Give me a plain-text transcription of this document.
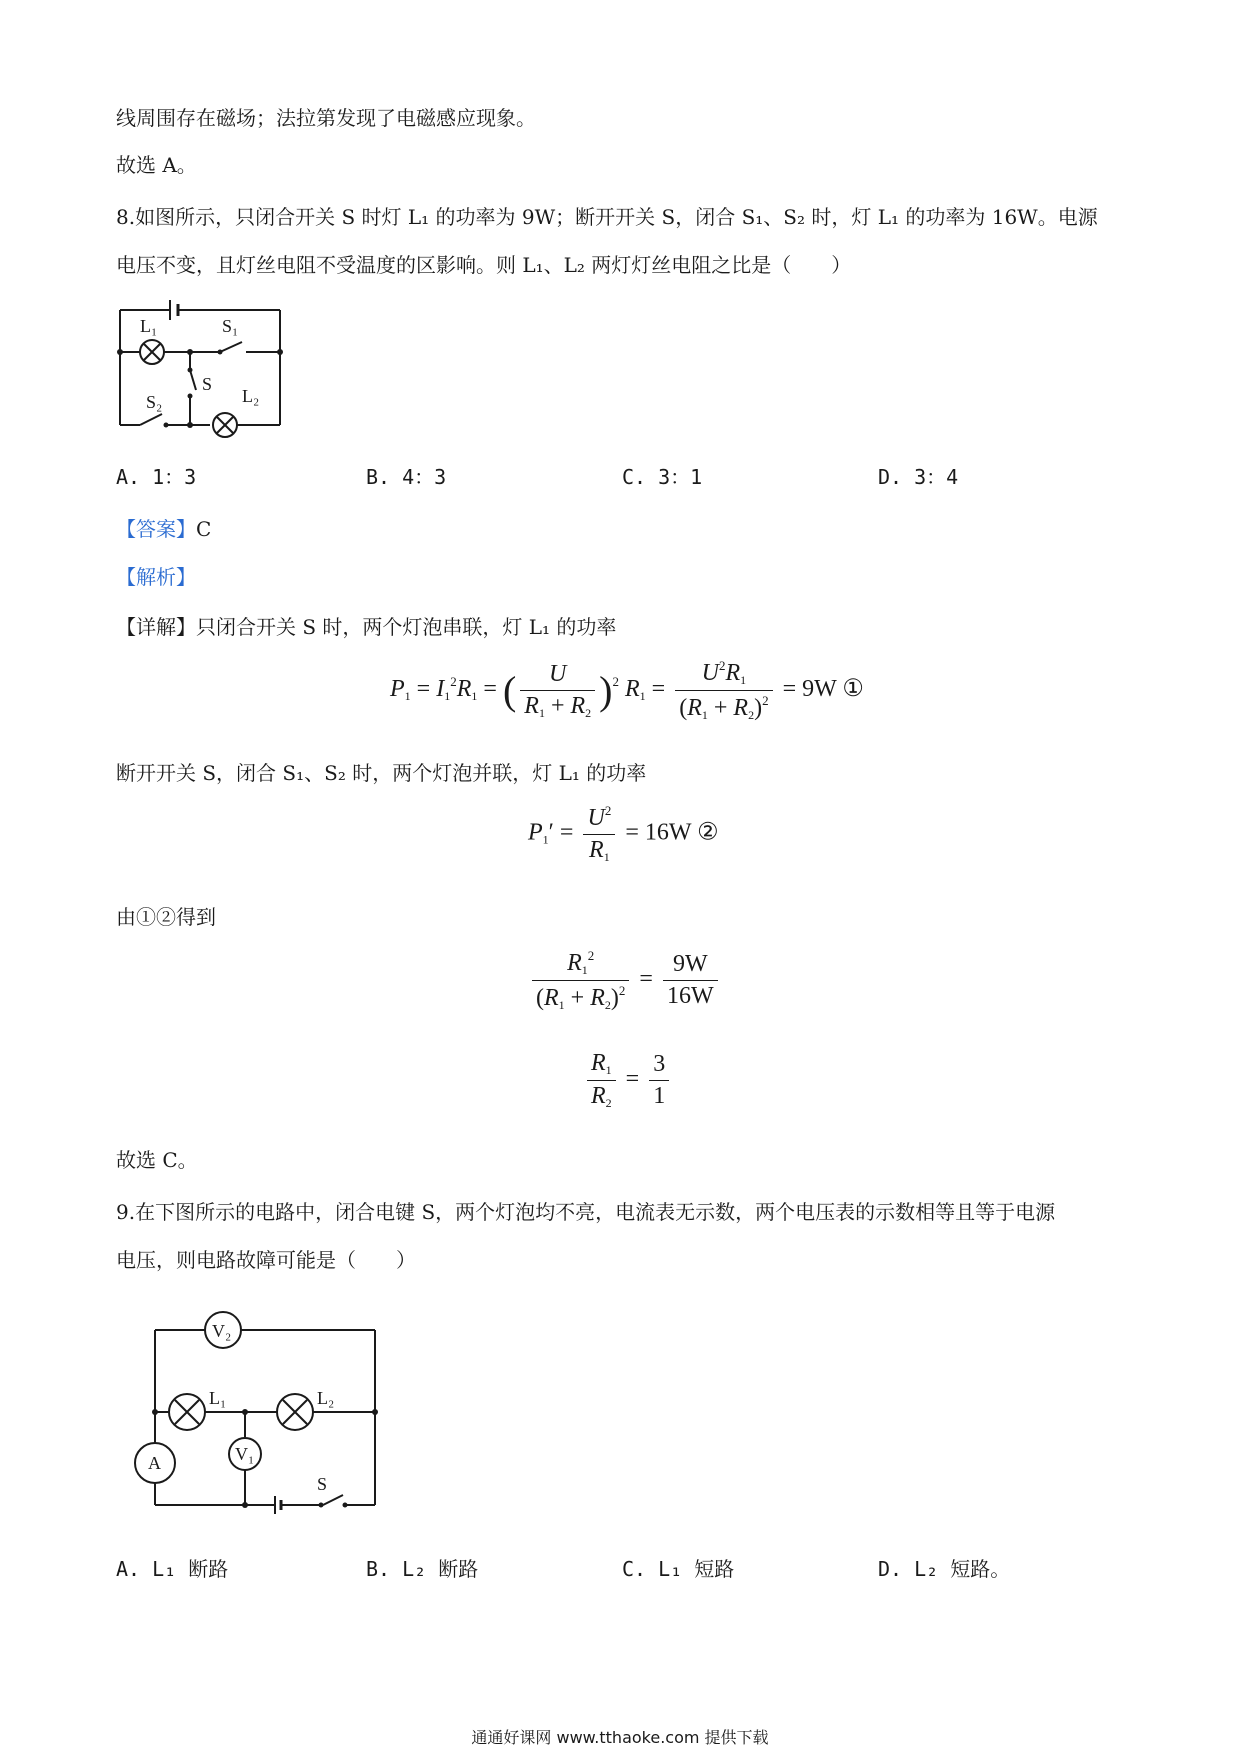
线周围存在磁场；法拉第发现了电磁感应现象。
故选 A。
8.如图所示，只闭合开关 S 时灯 L₁ 的功率为 9W；断开开关 S，闭合 S₁、S₂ 时，灯 L₁ 的功率为 16W。电源
电压不变，且灯丝电阻不受温度的区影响。则 L₁、L₂ 两灯灯丝电阻之比是（　　）
L₁	S₁
S₂
S
L₂
A. 1：3	B. 4：3	C. 3：1	D. 3：4
【答案】C
【解析】
【详解】只闭合开关 S 时，两个灯泡串联，灯 L₁ 的功率
$P_1 = I_1^2R_1$ = ( $\frac{U}{R_1 + R_2} )^2$ $R_1 = \frac{U^2R_1}{(R_1 + R_2)^2} = 9W$ ①
断开开关 S，闭合 S₁、S₂ 时，两个灯泡并联，灯 L₁ 的功率
$P_1' = \frac{U^2}{R_1} = 16W$ ②
由①②得到
$\frac{R_1^2}{(R_1 + R_2)^2} = \frac{9W}{16W}$
$\frac{R_1}{R_2} = \frac{3}{1}$
故选 C。
9.在下图所示的电路中，闭合电键 S，两个灯泡均不亮，电流表无示数，两个电压表的示数相等且等于电源
电压，则电路故障可能是（　　）
V₂
L₁	L₂
A	V₁
S
A. L₁ 断路	B. L₂ 断路	C. L₁ 短路	D. L₂ 短路。
通通好课网 www.tthaoke.com 提供下载
